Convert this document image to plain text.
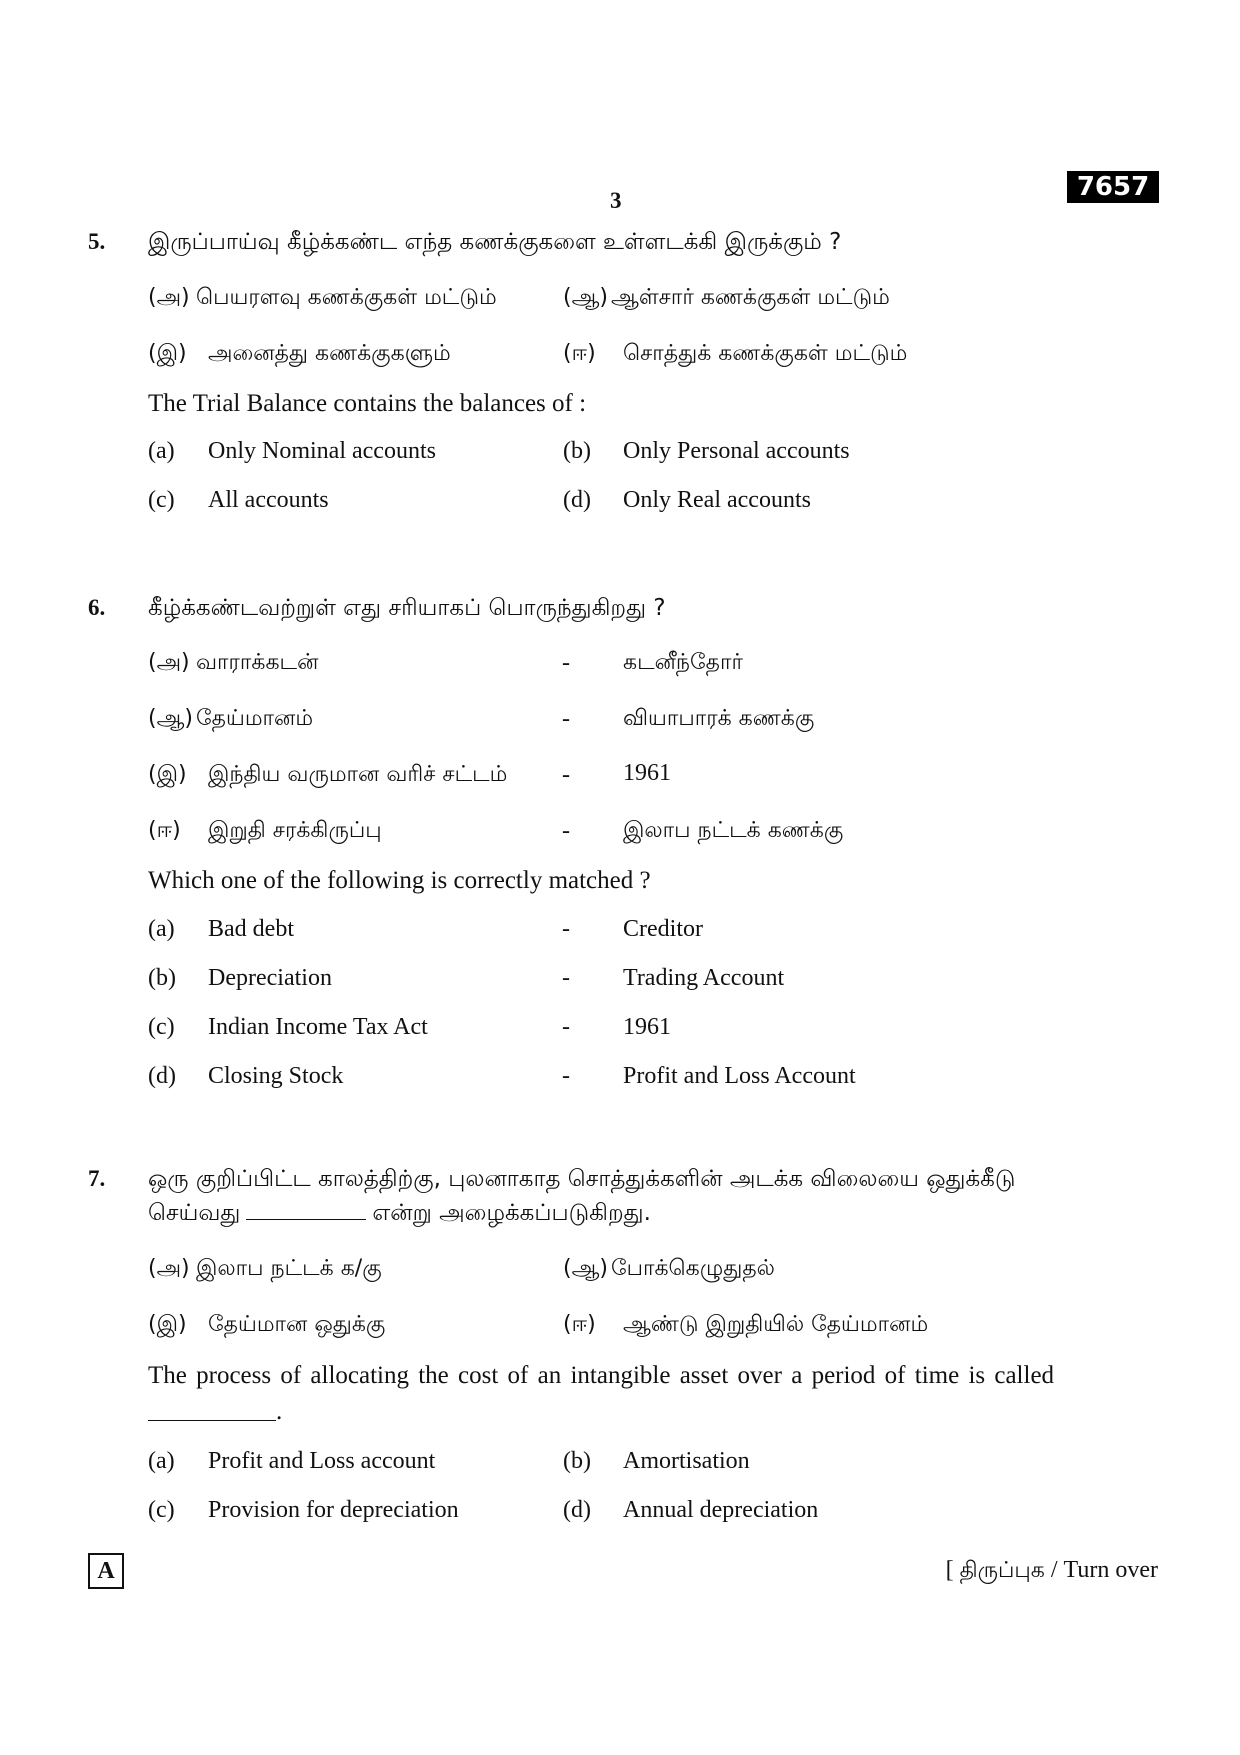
7657
3
5. இருப்பாய்வு கீழ்க்கண்ட எந்த கணக்குகளை உள்ளடக்கி இருக்கும் ?
(அ) பெயரளவு கணக்குகள் மட்டும்	(ஆ) ஆள்சார் கணக்குகள் மட்டும்
(இ) அனைத்து கணக்குகளும்	(ஈ) சொத்துக் கணக்குகள் மட்டும்
The Trial Balance contains the balances of :
(a) Only Nominal accounts	(b) Only Personal accounts
(c) All accounts	(d) Only Real accounts
6. கீழ்க்கண்டவற்றுள் எது சரியாகப் பொருந்துகிறது ?
(அ) வாராக்கடன்	- கடனீந்தோர்
(ஆ) தேய்மானம்	- வியாபாரக் கணக்கு
(இ) இந்திய வருமான வரிச் சட்டம் - 1961
(ஈ) இறுதி சரக்கிருப்பு	- இலாப நட்டக் கணக்கு
Which one of the following is correctly matched ?
(a) Bad debt	- Creditor
(b) Depreciation	- Trading Account
(c) Indian Income Tax Act	- 1961
(d) Closing Stock	- Profit and Loss Account
7. ஒரு குறிப்பிட்ட காலத்திற்கு, புலனாகாத சொத்துக்களின் அடக்க விலையை ஒதுக்கீடு
செய்வது	என்று அழைக்கப்படுகிறது.
(அ) இலாப நட்டக் க/கு	(ஆ) போக்கெழுதுதல்
(இ) தேய்மான ஒதுக்கு	(ஈ) ஆண்டு இறுதியில் தேய்மானம்
The process of allocating the cost of an intangible asset over a period of time is called
.
(a) Profit and Loss account	(b) Amortisation
(c) Provision for depreciation	(d) Annual depreciation
A	[ திருப்புக / Turn over
